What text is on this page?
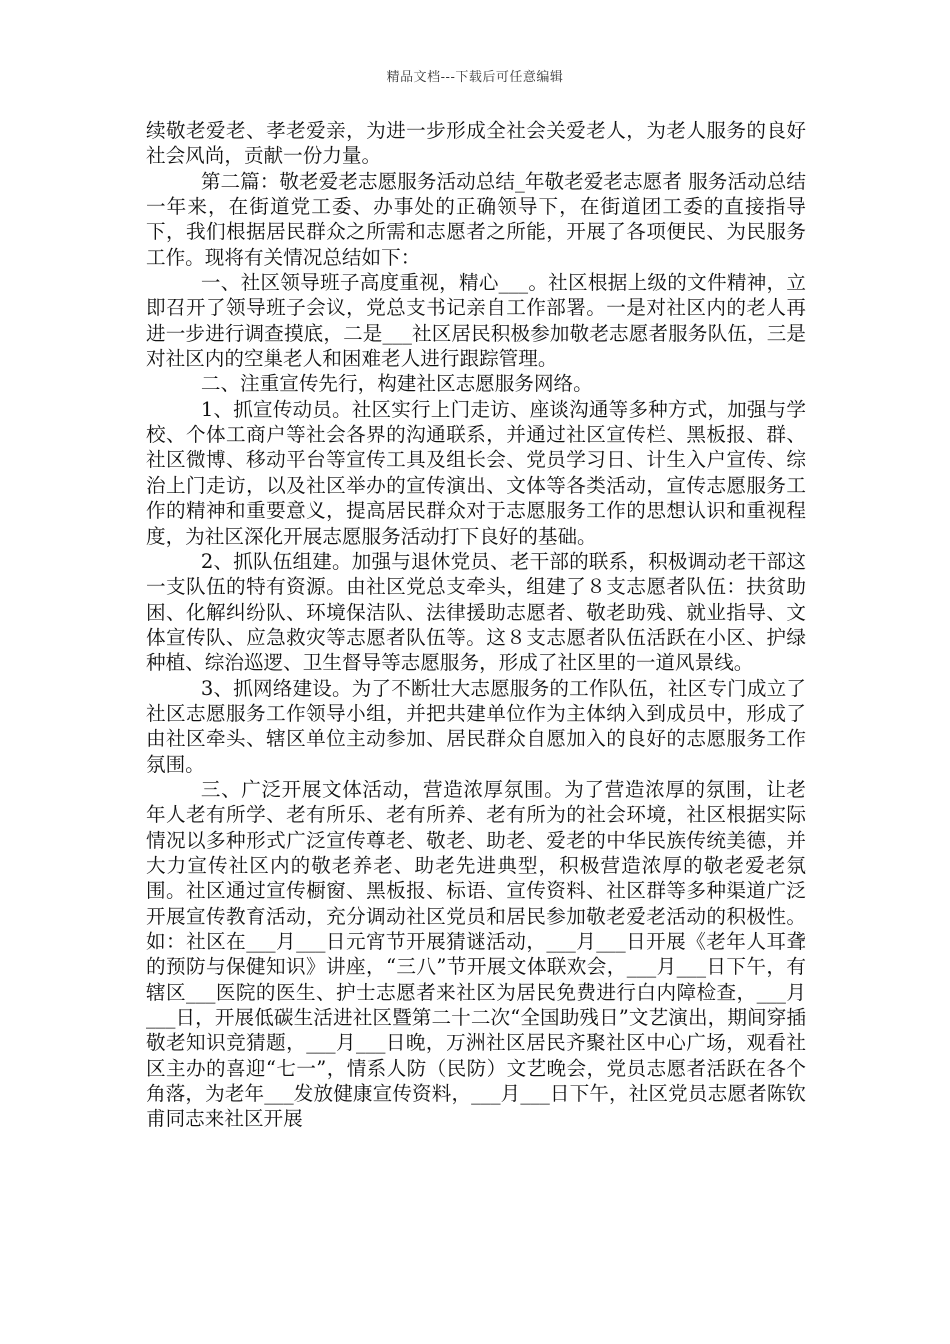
精品文档---下载后可任意编辑

续敬老爱老、孝老爱亲，为进一步形成全社会关爱老人，为老人服务的良好社会风尚，贡献一份力量。

第二篇：敬老爱老志愿服务活动总结_年敬老爱老志愿者 服务活动总结 一年来，在街道党工委、办事处的正确领导下，在街道团工委的直接指导下，我们根据居民群众之所需和志愿者之所能，开展了各项便民、为民服务工作。现将有关情况总结如下：

一、社区领导班子高度重视，精心___。社区根据上级的文件精神，立即召开了领导班子会议，党总支书记亲自工作部署。一是对社区内的老人再进一步进行调查摸底，二是___社区居民积极参加敬老志愿者服务队伍，三是对社区内的空巢老人和困难老人进行跟踪管理。

二、注重宣传先行，构建社区志愿服务网络。

1、抓宣传动员。社区实行上门走访、座谈沟通等多种方式，加强与学校、个体工商户等社会各界的沟通联系，并通过社区宣传栏、黑板报、群、社区微博、移动平台等宣传工具及组长会、党员学习日、计生入户宣传、综治上门走访，以及社区举办的宣传演出、文体等各类活动，宣传志愿服务工作的精神和重要意义，提高居民群众对于志愿服务工作的思想认识和重视程度，为社区深化开展志愿服务活动打下良好的基础。

2、抓队伍组建。加强与退休党员、老干部的联系，积极调动老干部这一支队伍的特有资源。由社区党总支牵头，组建了８支志愿者队伍：扶贫助困、化解纠纷队、环境保洁队、法律援助志愿者、敬老助残、就业指导、文体宣传队、应急救灾等志愿者队伍等。这８支志愿者队伍活跃在小区、护绿种植、综治巡逻、卫生督导等志愿服务，形成了社区里的一道风景线。

3、抓网络建设。为了不断壮大志愿服务的工作队伍，社区专门成立了社区志愿服务工作领导小组，并把共建单位作为主体纳入到成员中，形成了由社区牵头、辖区单位主动参加、居民群众自愿加入的良好的志愿服务工作氛围。

三、广泛开展文体活动，营造浓厚氛围。为了营造浓厚的氛围，让老年人老有所学、老有所乐、老有所养、老有所为的社会环境，社区根据实际情况以多种形式广泛宣传尊老、敬老、助老、爱老的中华民族传统美德，并大力宣传社区内的敬老养老、助老先进典型，积极营造浓厚的敬老爱老氛围。社区通过宣传橱窗、黑板报、标语、宣传资料、社区群等多种渠道广泛开展宣传教育活动，充分调动社区党员和居民参加敬老爱老活动的积极性。如：社区在___月___日元宵节开展猜谜活动，___月___日开展《老年人耳聋的预防与保健知识》讲座，“三八”节开展文体联欢会，___月___日下午，有辖区___医院的医生、护士志愿者来社区为居民免费进行白内障检查，___月___日，开展低碳生活进社区暨第二十二次“全国助残日”文艺演出，期间穿插敬老知识竞猜题，___月___日晚，万洲社区居民齐聚社区中心广场，观看社区主办的喜迎“七一”，情系人防（民防）文艺晚会，党员志愿者活跃在各个角落，为老年___发放健康宣传资料，___月___日下午，社区党员志愿者陈钦甫同志来社区开展
